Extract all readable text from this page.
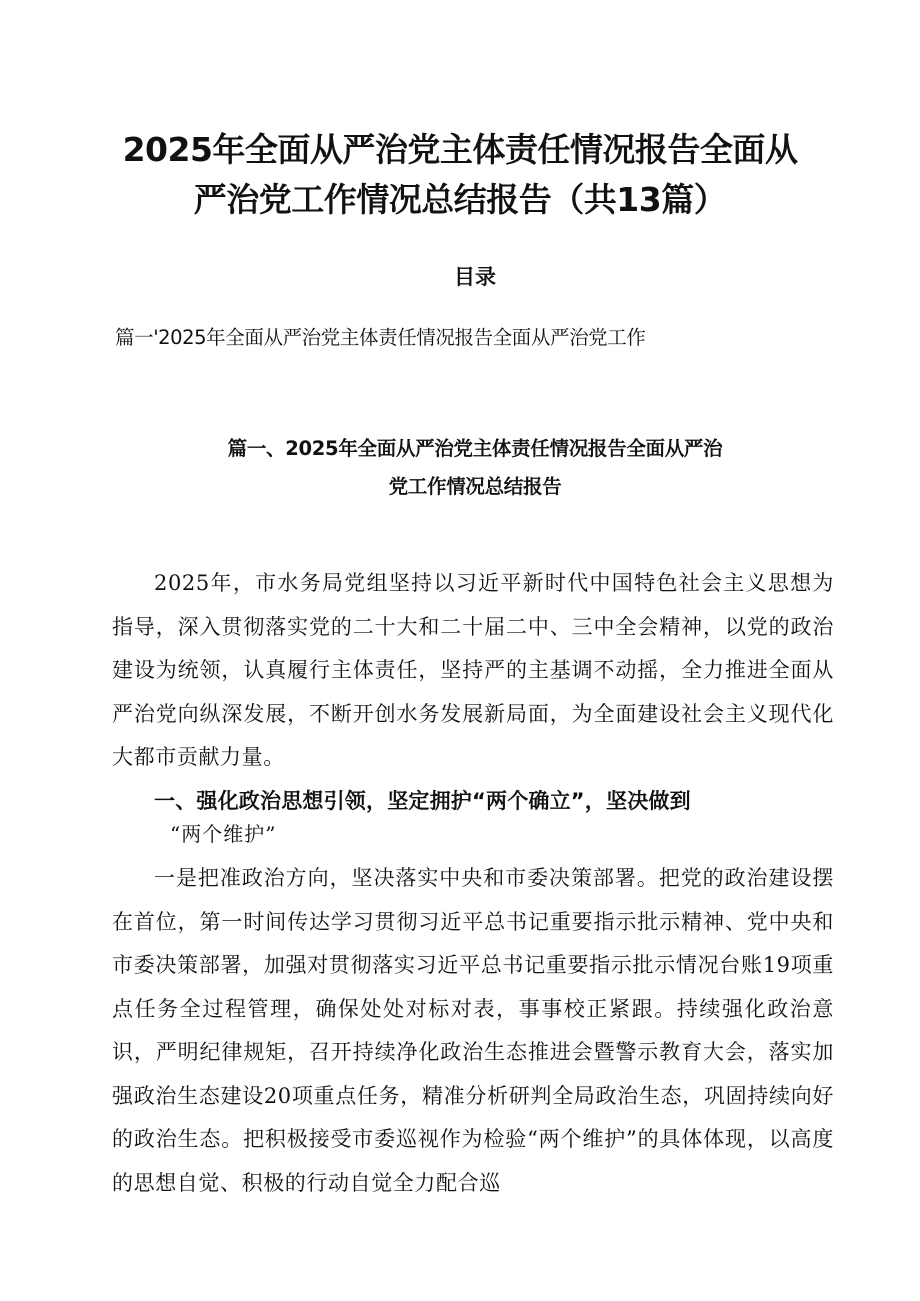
2025年全面从严治党主体责任情况报告全面从
严治党工作情况总结报告（共13篇）
目录
篇一'2025年全面从严治党主体责任情况报告全面从严治党工作
篇一、2025年全面从严治党主体责任情况报告全面从严治
党工作情况总结报告

2025年，市水务局党组坚持以习近平新时代中国特色社会主义思想为指导，深入贯彻落实党的二十大和二十届二中、三中全会精神，以党的政治建设为统领，认真履行主体责任，坚持严的主基调不动摇，全力推进全面从严治党向纵深发展，不断开创水务发展新局面，为全面建设社会主义现代化大都市贡献力量。

一、强化政治思想引领，坚定拥护“两个确立”，坚决做到
“两个维护”

一是把准政治方向，坚决落实中央和市委决策部署。把党的政治建设摆在首位，第一时间传达学习贯彻习近平总书记重要指示批示精神、党中央和市委决策部署，加强对贯彻落实习近平总书记重要指示批示情况台账19项重点任务全过程管理，确保处处对标对表，事事校正紧跟。持续强化政治意识，严明纪律规矩，召开持续净化政治生态推进会暨警示教育大会，落实加强政治生态建设20项重点任务，精准分析研判全局政治生态，巩固持续向好的政治生态。把积极接受市委巡视作为检验“两个维护”的具体体现，以高度的思想自觉、积极的行动自觉全力配合巡
